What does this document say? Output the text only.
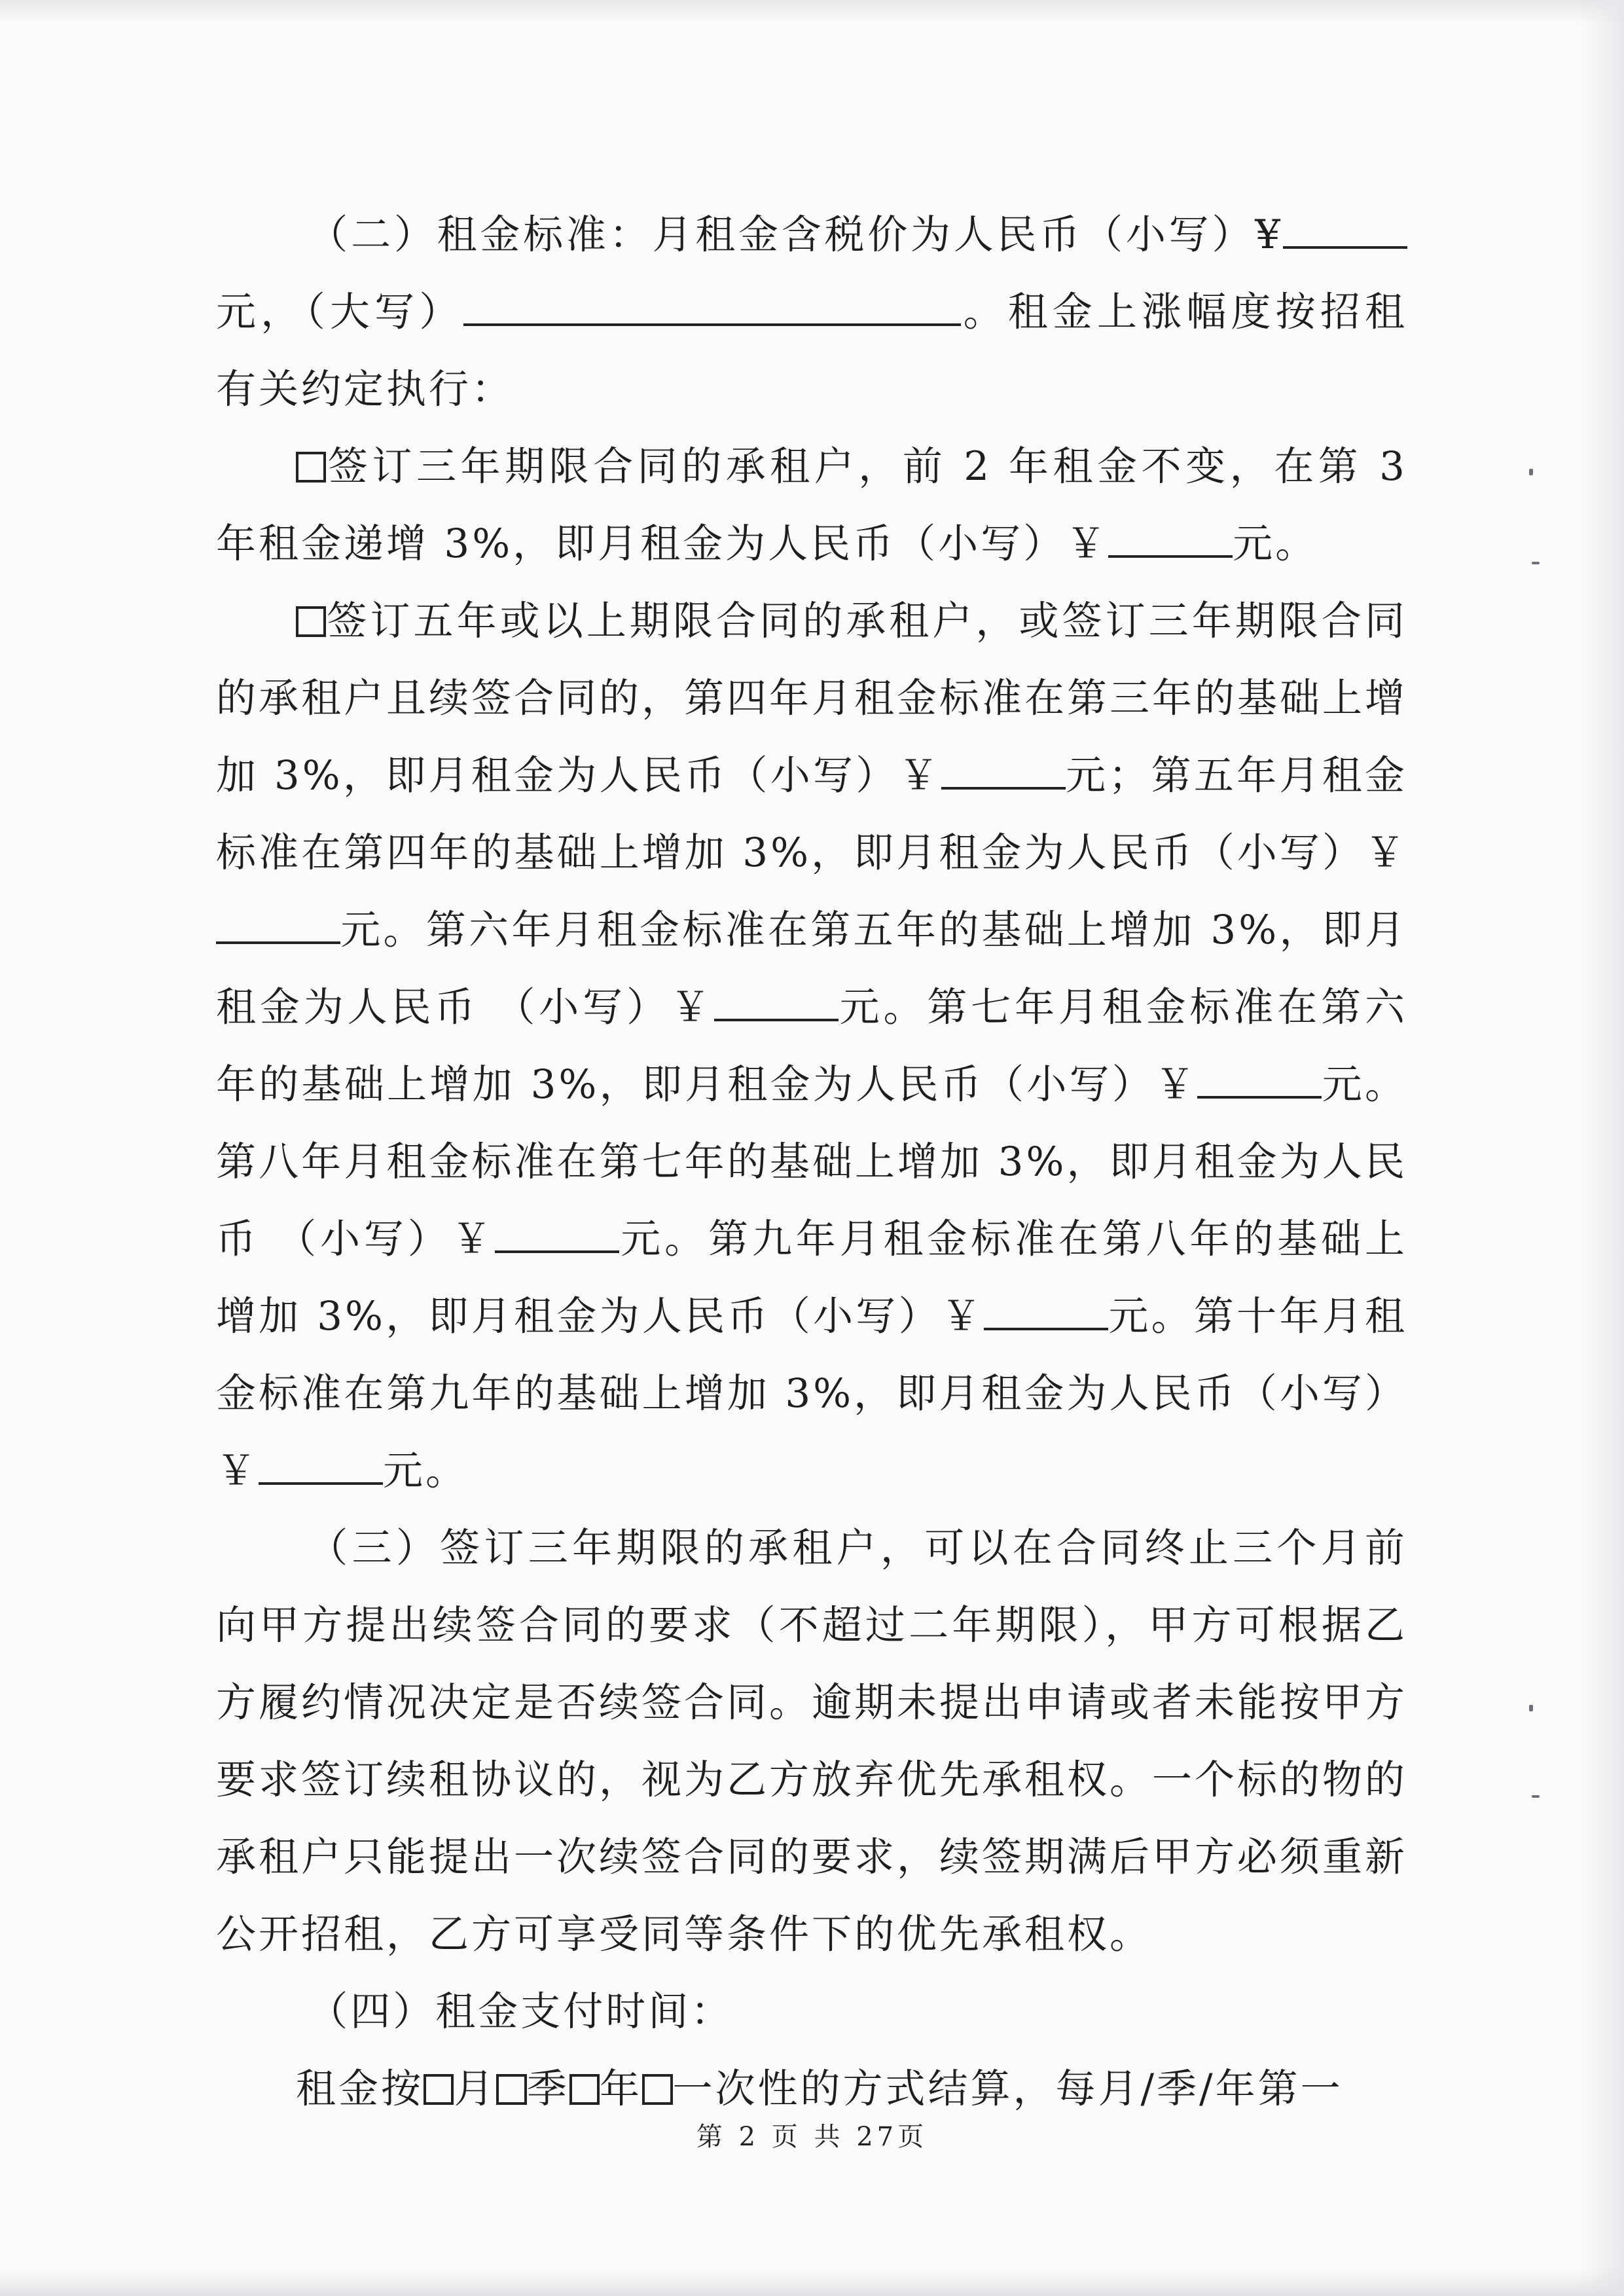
（二）租金标准：月租金含税价为人民币（小写）¥元，（大写）	。租金上涨幅度按招租有关约定执行：

签订三年期限合同的承租户，前 2 年租金不变，在第 3 年租金递增 3%，即月租金为人民币（小写）￥	元。

签订五年或以上期限合同的承租户，或签订三年期限合同的承租户且续签合同的，第四年月租金标准在第三年的基础上增加 3%，即月租金为人民币（小写）￥	元；第五年月租金标准在第四年的基础上增加 3%，即月租金为人民币（小写）￥元。第六年月租金标准在第五年的基础上增加 3%，即月租金为人民币 （小写）￥	元。第七年月租金标准在第六年的基础上增加 3%，即月租金为人民币（小写）￥	元。第八年月租金标准在第七年的基础上增加 3%，即月租金为人民币 （小写）￥	元。第九年月租金标准在第八年的基础上增加 3%，即月租金为人民币（小写）￥	元。第十年月租金标准在第九年的基础上增加 3%，即月租金为人民币（小写）￥	元。

（三）签订三年期限的承租户，可以在合同终止三个月前向甲方提出续签合同的要求（不超过二年期限），甲方可根据乙方履约情况决定是否续签合同。逾期未提出申请或者未能按甲方要求签订续租协议的，视为乙方放弃优先承租权。一个标的物的承租户只能提出一次续签合同的要求，续签期满后甲方必须重新公开招租，乙方可享受同等条件下的优先承租权。

（四）租金支付时间：

租金按 月 季 年 一次性的方式结算，每月/季/年第一

第 2 页 共 27页
